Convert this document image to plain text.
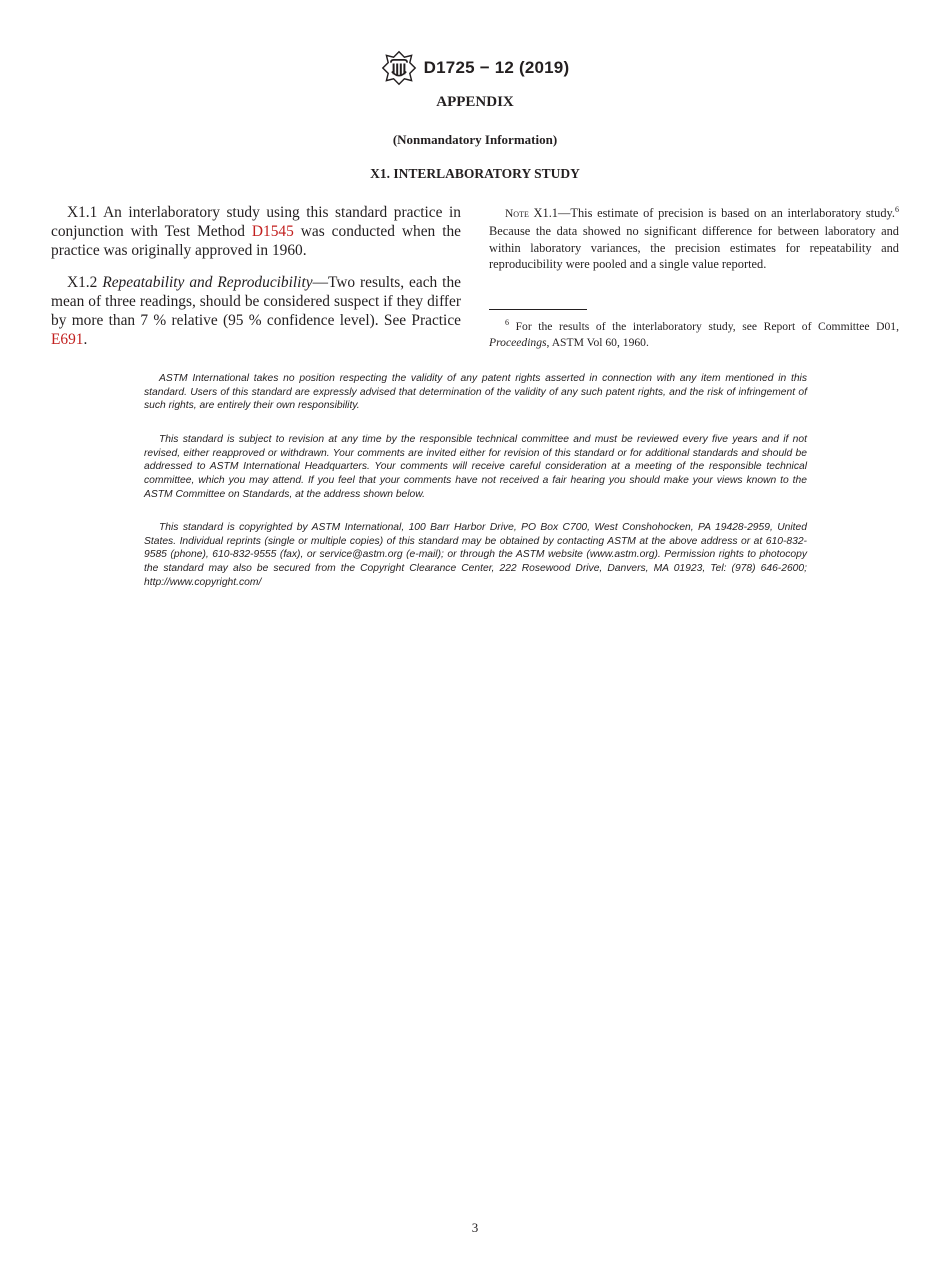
D1725 − 12 (2019)
APPENDIX
(Nonmandatory Information)
X1. INTERLABORATORY STUDY

X1.1 An interlaboratory study using this standard practice in conjunction with Test Method D1545 was conducted when the practice was originally approved in 1960.

X1.2 Repeatability and Reproducibility—Two results, each the mean of three readings, should be considered suspect if they differ by more than 7 % relative (95 % confidence level). See Practice E691.

Note X1.1—This estimate of precision is based on an interlaboratory study.$^6$ Because the data showed no significant difference for between laboratory and within laboratory variances, the precision estimates for repeatability and reproducibility were pooled and a single value reported.

$^6$ For the results of the interlaboratory study, see Report of Committee D01, Proceedings, ASTM Vol 60, 1960.

ASTM International takes no position respecting the validity of any patent rights asserted in connection with any item mentioned in this standard. Users of this standard are expressly advised that determination of the validity of any such patent rights, and the risk of infringement of such rights, are entirely their own responsibility.

This standard is subject to revision at any time by the responsible technical committee and must be reviewed every five years and if not revised, either reapproved or withdrawn. Your comments are invited either for revision of this standard or for additional standards and should be addressed to ASTM International Headquarters. Your comments will receive careful consideration at a meeting of the responsible technical committee, which you may attend. If you feel that your comments have not received a fair hearing you should make your views known to the ASTM Committee on Standards, at the address shown below.

This standard is copyrighted by ASTM International, 100 Barr Harbor Drive, PO Box C700, West Conshohocken, PA 19428-2959, United States. Individual reprints (single or multiple copies) of this standard may be obtained by contacting ASTM at the above address or at 610-832-9585 (phone), 610-832-9555 (fax), or service@astm.org (e-mail); or through the ASTM website (www.astm.org). Permission rights to photocopy the standard may also be secured from the Copyright Clearance Center, 222 Rosewood Drive, Danvers, MA 01923, Tel: (978) 646-2600; http://www.copyright.com/

3
